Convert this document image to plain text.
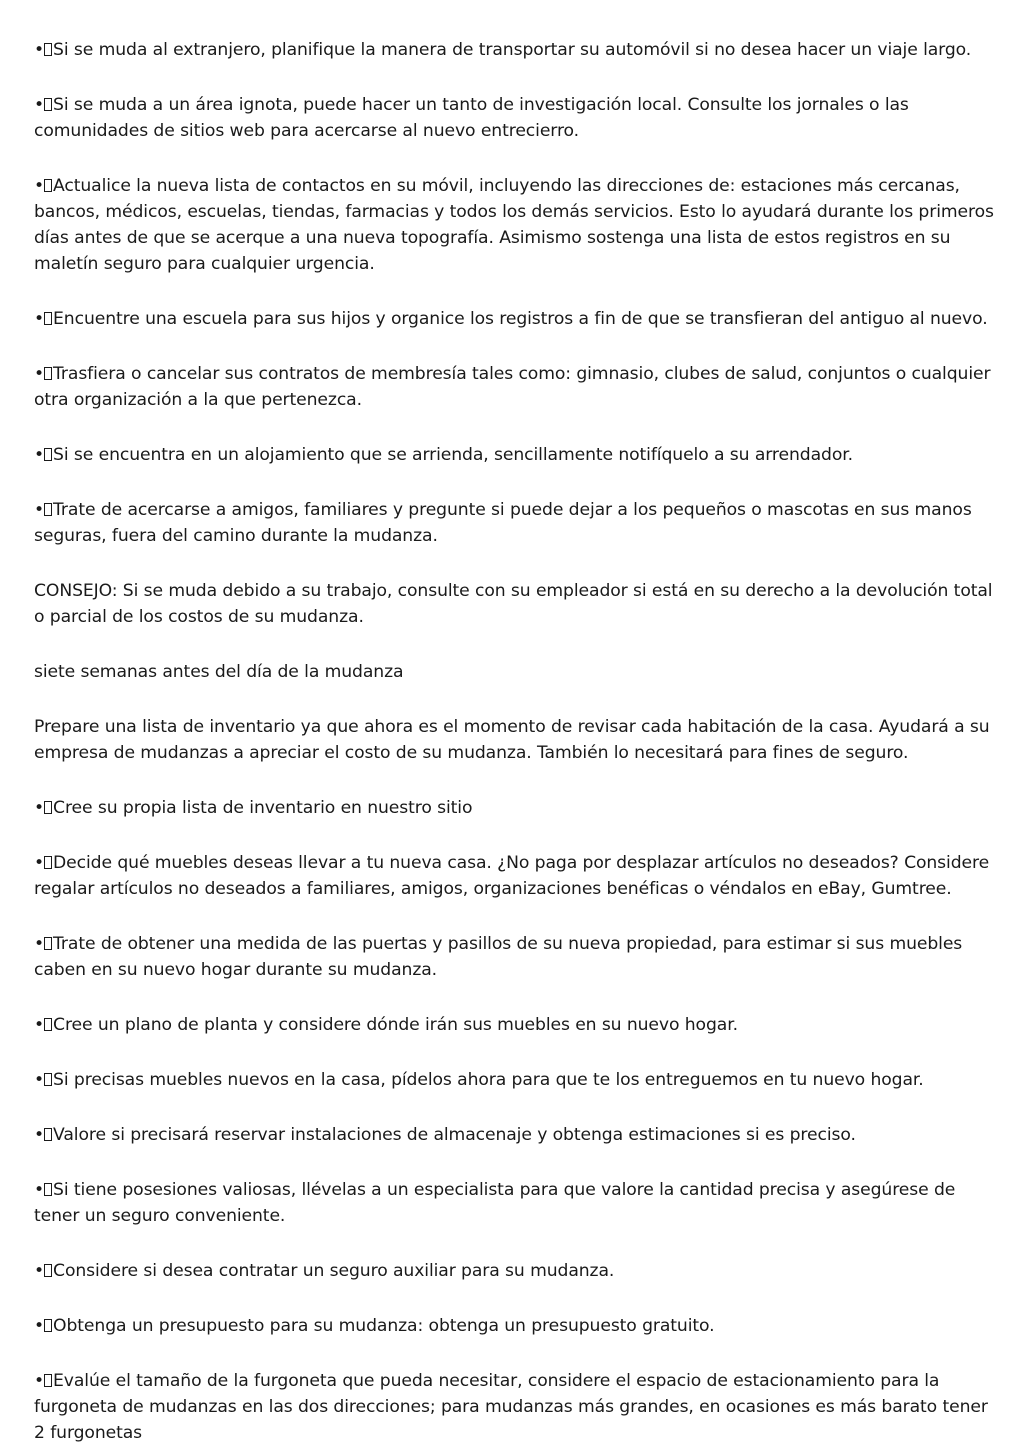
• Si se muda al extranjero, planifique la manera de transportar su automóvil si no desea hacer un viaje largo.

• Si se muda a un área ignota, puede hacer un tanto de investigación local. Consulte los jornales o las comunidades de sitios web para acercarse al nuevo entrecierro.

• Actualice la nueva lista de contactos en su móvil, incluyendo las direcciones de: estaciones más cercanas, bancos, médicos, escuelas, tiendas, farmacias y todos los demás servicios. Esto lo ayudará durante los primeros días antes de que se acerque a una nueva topografía. Asimismo sostenga una lista de estos registros en su maletín seguro para cualquier urgencia.

• Encuentre una escuela para sus hijos y organice los registros a fin de que se transfieran del antiguo al nuevo.

• Trasfiera o cancelar sus contratos de membresía tales como: gimnasio, clubes de salud, conjuntos o cualquier otra organización a la que pertenezca.

• Si se encuentra en un alojamiento que se arrienda, sencillamente notifíquelo a su arrendador.

• Trate de acercarse a amigos, familiares y pregunte si puede dejar a los pequeños o mascotas en sus manos seguras, fuera del camino durante la mudanza.

CONSEJO: Si se muda debido a su trabajo, consulte con su empleador si está en su derecho a la devolución total o parcial de los costos de su mudanza.

siete semanas antes del día de la mudanza

Prepare una lista de inventario ya que ahora es el momento de revisar cada habitación de la casa. Ayudará a su empresa de mudanzas a apreciar el costo de su mudanza. También lo necesitará para fines de seguro.

• Cree su propia lista de inventario en nuestro sitio

• Decide qué muebles deseas llevar a tu nueva casa. ¿No paga por desplazar artículos no deseados? Considere regalar artículos no deseados a familiares, amigos, organizaciones benéficas o véndalos en eBay, Gumtree.

• Trate de obtener una medida de las puertas y pasillos de su nueva propiedad, para estimar si sus muebles caben en su nuevo hogar durante su mudanza.

• Cree un plano de planta y considere dónde irán sus muebles en su nuevo hogar.

• Si precisas muebles nuevos en la casa, pídelos ahora para que te los entreguemos en tu nuevo hogar.

• Valore si precisará reservar instalaciones de almacenaje y obtenga estimaciones si es preciso.

• Si tiene posesiones valiosas, llévelas a un especialista para que valore la cantidad precisa y asegúrese de tener un seguro conveniente.

• Considere si desea contratar un seguro auxiliar para su mudanza.

• Obtenga un presupuesto para su mudanza: obtenga un presupuesto gratuito.

• Evalúe el tamaño de la furgoneta que pueda necesitar, considere el espacio de estacionamiento para la furgoneta de mudanzas en las dos direcciones; para mudanzas más grandes, en ocasiones es más barato tener 2 furgonetas
